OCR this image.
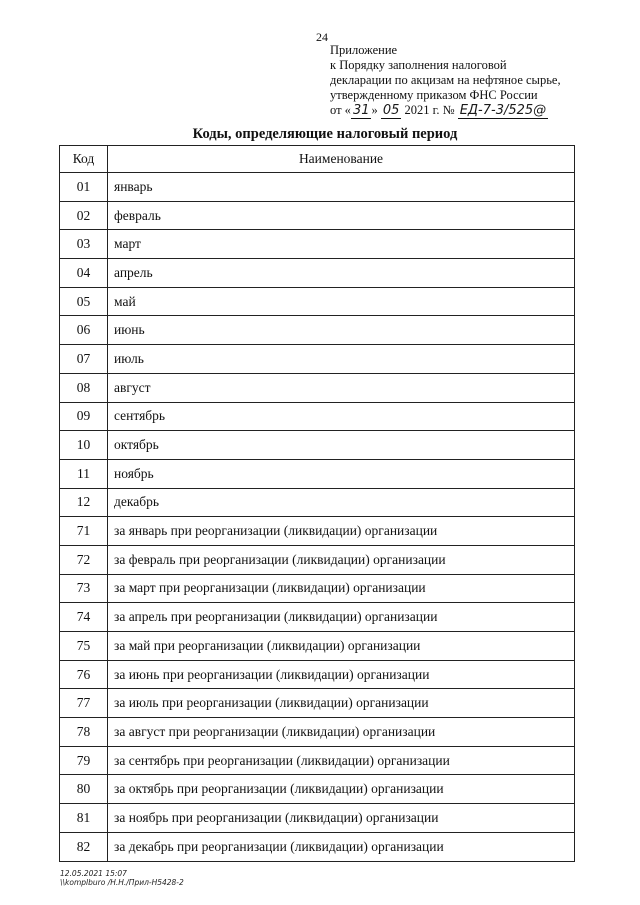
24
Приложение
к Порядку заполнения налоговой
декларации по акцизам на нефтяное сырье,
утвержденному приказом ФНС России
от « 31 » 05 2021 г. № ЕД-7-3/525@
Коды, определяющие налоговый период
Код	Наименование
01	январь
02	февраль
03	март
04	апрель
05	май
06	июнь
07	июль
08	август
09	сентябрь
10	октябрь
11	ноябрь
12	декабрь
71	за январь при реорганизации (ликвидации) организации
72	за февраль при реорганизации (ликвидации) организации
73	за март при реорганизации (ликвидации) организации
74	за апрель при реорганизации (ликвидации) организации
75	за май при реорганизации (ликвидации) организации
76	за июнь при реорганизации (ликвидации) организации
77	за июль при реорганизации (ликвидации) организации
78	за август при реорганизации (ликвидации) организации
79	за сентябрь при реорганизации (ликвидации) организации
80	за октябрь при реорганизации (ликвидации) организации
81	за ноябрь при реорганизации (ликвидации) организации
82	за декабрь при реорганизации (ликвидации) организации
12.05.2021 15:07
\\komplburo /Н.Н./Прил-Н5428-2
